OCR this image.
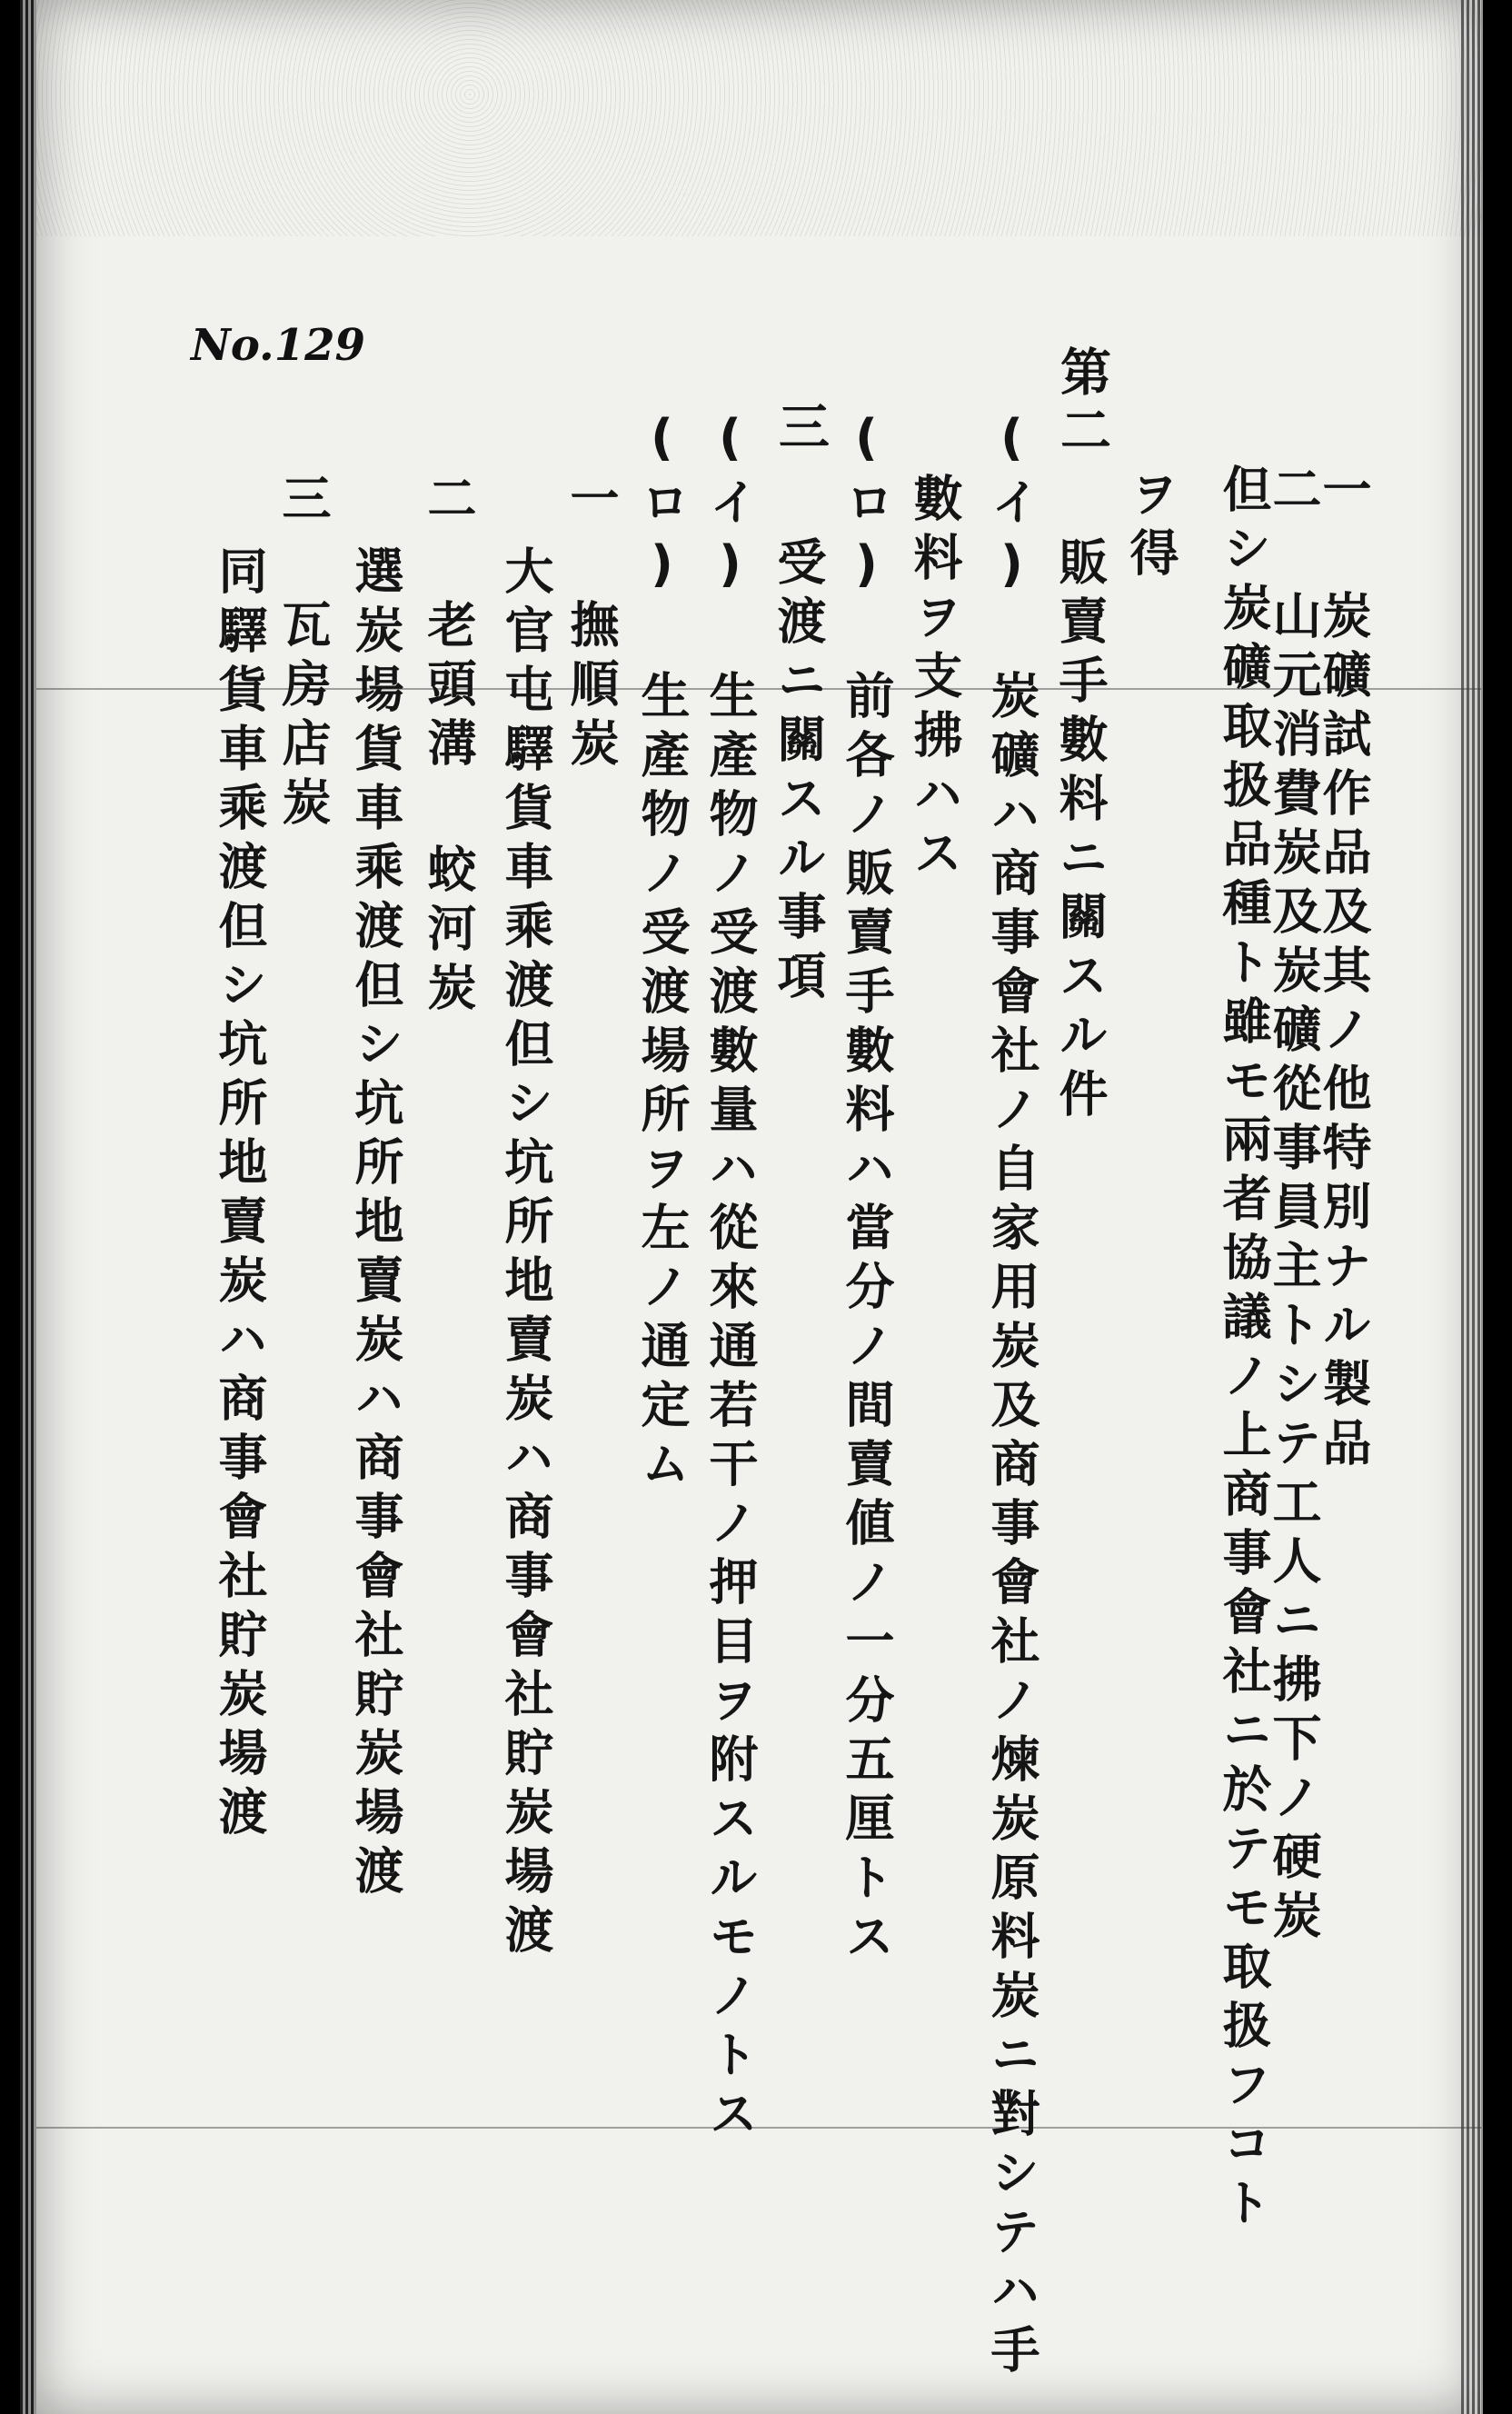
No.129

一 炭礦試作品及其ノ他特別ナル製品

二 山元消費炭及炭礦從事員主トシテ工人ニ拂下ノ硬炭

但シ炭礦取扱品種ト雖モ兩者協議ノ上商事會社ニ於テモ取扱フコト

ヲ得

第二

販賣手數料ニ關スル件

(イ) 炭礦ハ商事會社ノ自家用炭及商事會社ノ煉炭原料炭ニ對シテハ手

數料ヲ支拂ハス

(ロ) 前各ノ販賣手數料ハ當分ノ間賣値ノ一分五厘トス

三

受渡ニ關スル事項

(イ) 生產物ノ受渡數量ハ從來通若干ノ押目ヲ附スルモノトス

(ロ) 生產物ノ受渡場所ヲ左ノ通定ム

一 撫順炭

大官屯驛貨車乘渡但シ坑所地賣炭ハ商事會社貯炭場渡

二 老頭溝 蛟河炭

選炭場貨車乘渡但シ坑所地賣炭ハ商事會社貯炭場渡

三 瓦房店炭

同驛貨車乘渡但シ坑所地賣炭ハ商事會社貯炭場渡
